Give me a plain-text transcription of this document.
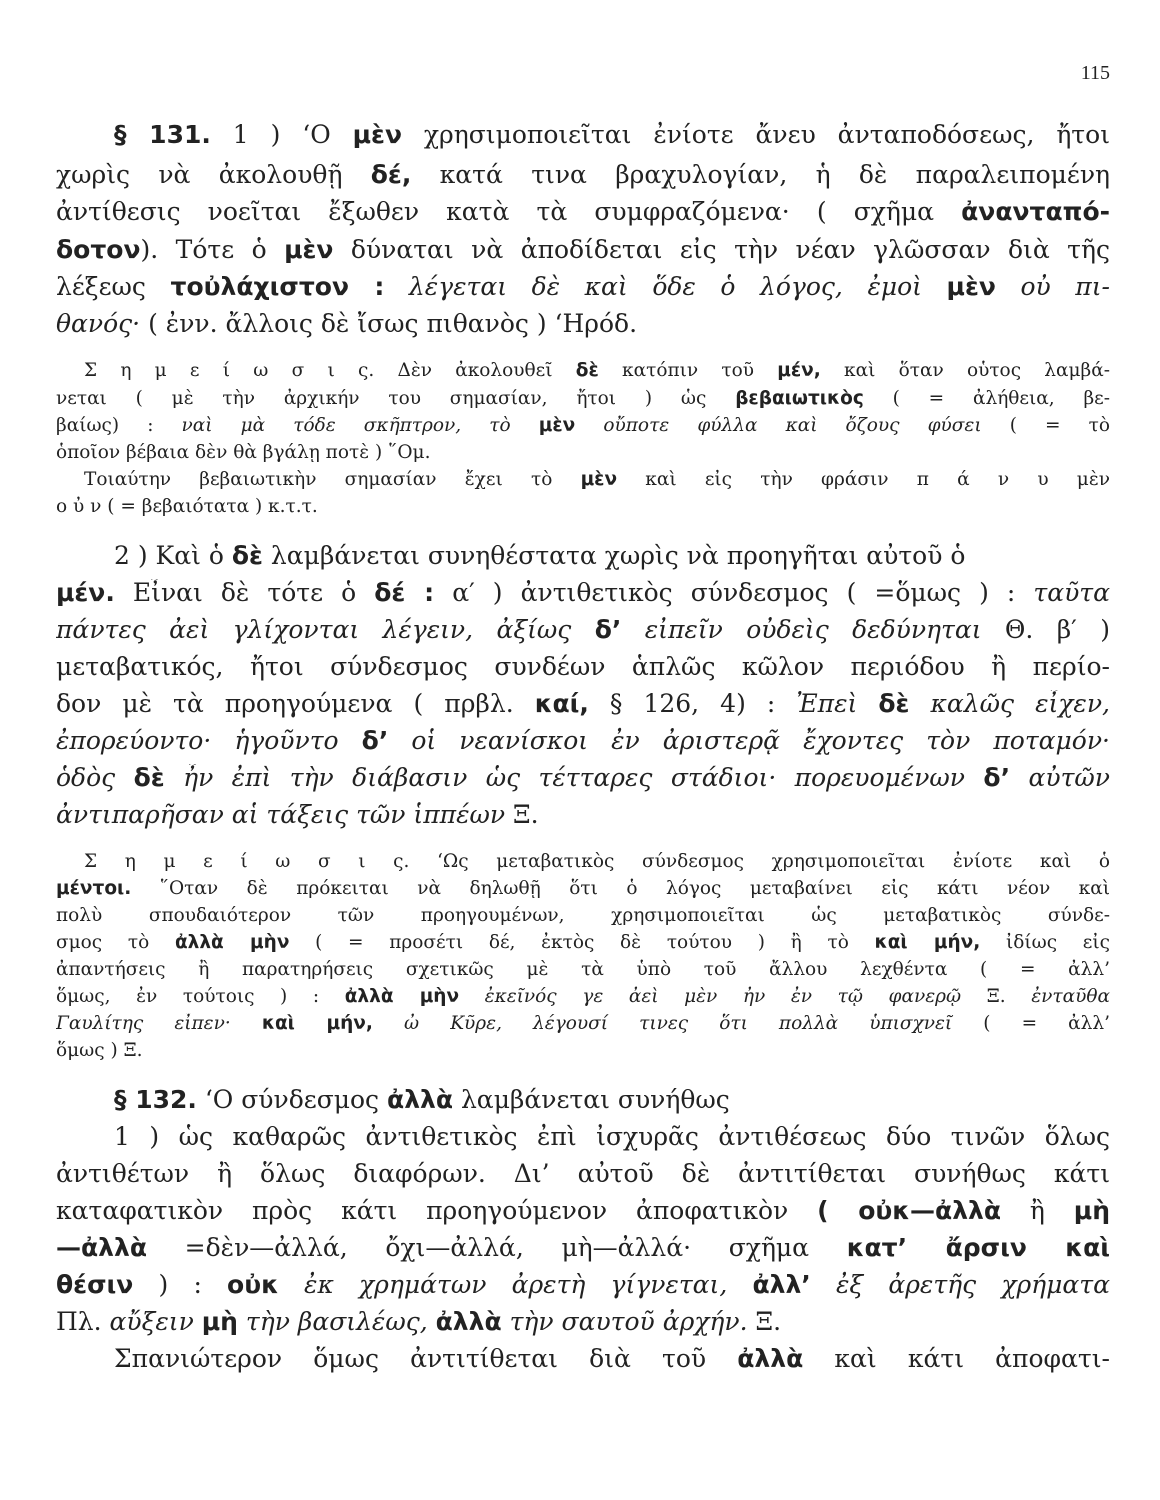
115
§ 131. 1 ) ‘Ο μὲν χρησιμοποιεῖται ἐνίοτε ἄνευ ἀνταποδόσεως, ἤτοι
χωρὶς νὰ ἀκολουθῇ δέ, κατά τινα βραχυλογίαν, ἡ δὲ παραλειπομένη
ἀντίθεσις νοεῖται ἔξωθεν κατὰ τὰ συμφραζόμενα· ( σχῆμα ἀνανταπό-
δοτον). Τότε ὁ μὲν δύναται νὰ ἀποδίδεται εἰς τὴν νέαν γλῶσσαν διὰ τῆς
λέξεως τοὐλάχιστον : λέγεται δὲ καὶ ὅδε ὁ λόγος, ἐμοὶ μὲν οὐ πι-
θανός· ( ἐνν. ἄλλοις δὲ ἴσως πιθανὸς ) ‘Ηρόδ.
Σ η μ ε ί ω σ ι ς. Δὲν ἀκολουθεῖ δὲ κατόπιν τοῦ μέν, καὶ ὅταν οὗτος λαμβά-
νεται ( μὲ τὴν ἀρχικήν του σημασίαν, ἤτοι ) ὡς βεβαιωτικὸς ( = ἀλήθεια, βε-
βαίως) : ναὶ μὰ τόδε σκῆπτρον, τὸ μὲν οὔποτε φύλλα καὶ ὄζους φύσει ( = τὸ
ὁποῖον βέβαια δὲν θὰ βγάλῃ ποτὲ ) ῞Ομ.
Τοιαύτην βεβαιωτικὴν σημασίαν ἔχει τὸ μὲν καὶ εἰς τὴν φράσιν π ά ν υ μὲν
ο ὖ ν ( = βεβαιότατα ) κ.τ.τ.
2 ) Καὶ ὁ δὲ λαμβάνεται συνηθέστατα χωρὶς νὰ προηγῆται αὐτοῦ ὁ
μέν. Εἶναι δὲ τότε ὁ δέ : α′ ) ἀντιθετικὸς σύνδεσμος ( =ὅμως ) : ταῦτα
πάντες ἀεὶ γλίχονται λέγειν, ἀξίως δ’ εἰπεῖν οὐδεὶς δεδύνηται Θ. β′ )
μεταβατικός, ἤτοι σύνδεσμος συνδέων ἁπλῶς κῶλον περιόδου ἢ περίο-
δον μὲ τὰ προηγούμενα ( πρβλ. καί, § 126, 4) : Ἐπεὶ δὲ καλῶς εἶχεν,
ἐπορεύοντο· ἡγοῦντο δ’ οἱ νεανίσκοι ἐν ἀριστερᾷ ἔχοντες τὸν ποταμόν·
ὁδὸς δὲ ἦν ἐπὶ τὴν διάβασιν ὡς τέτταρες στάδιοι· πορευομένων δ’ αὐτῶν
ἀντιπαρῆσαν αἱ τάξεις τῶν ἱππέων Ξ.
Σ η μ ε ί ω σ ι ς. ‘Ως μεταβατικὸς σύνδεσμος χρησιμοποιεῖται ἐνίοτε καὶ ὁ
μέντοι. ῞Οταν δὲ πρόκειται νὰ δηλωθῇ ὅτι ὁ λόγος μεταβαίνει εἰς κάτι νέον καὶ
πολὺ σπουδαιότερον τῶν προηγουμένων, χρησιμοποιεῖται ὡς μεταβατικὸς σύνδε-
σμος τὸ ἀλλὰ μὴν ( = προσέτι δέ, ἐκτὸς δὲ τούτου ) ἢ τὸ καὶ μήν, ἰδίως εἰς
ἀπαντήσεις ἢ παρατηρήσεις σχετικῶς μὲ τὰ ὑπὸ τοῦ ἄλλου λεχθέντα ( = ἀλλ’
ὅμως, ἐν τούτοις ) : ἀλλὰ μὴν ἐκεῖνός γε ἀεὶ μὲν ἦν ἐν τῷ φανερῷ Ξ. ἐνταῦθα
Γαυλίτης εἶπεν· καὶ μήν, ὦ Κῦρε, λέγουσί τινες ὅτι πολλὰ ὑπισχνεῖ ( = ἀλλ’
ὅμως ) Ξ.
§ 132. ‘Ο σύνδεσμος ἀλλὰ λαμβάνεται συνήθως
1 ) ὡς καθαρῶς ἀντιθετικὸς ἐπὶ ἰσχυρᾶς ἀντιθέσεως δύο τινῶν ὅλως
ἀντιθέτων ἢ ὅλως διαφόρων. Δι’ αὐτοῦ δὲ ἀντιτίθεται συνήθως κάτι
καταφατικὸν πρὸς κάτι προηγούμενον ἀποφατικὸν ( οὐκ—ἀλλὰ ἢ μὴ
—ἀλλὰ =δὲν—ἀλλά, ὄχι—ἀλλά, μὴ—ἀλλά· σχῆμα κατ’ ἄρσιν καὶ
θέσιν ) : οὐκ ἐκ χρημάτων ἀρετὴ γίγνεται, ἀλλ’ ἐξ ἀρετῆς χρήματα
Πλ. αὔξειν μὴ τὴν βασιλέως, ἀλλὰ τὴν σαυτοῦ ἀρχήν. Ξ.
Σπανιώτερον ὅμως ἀντιτίθεται διὰ τοῦ ἀλλὰ καὶ κάτι ἀποφατι-
